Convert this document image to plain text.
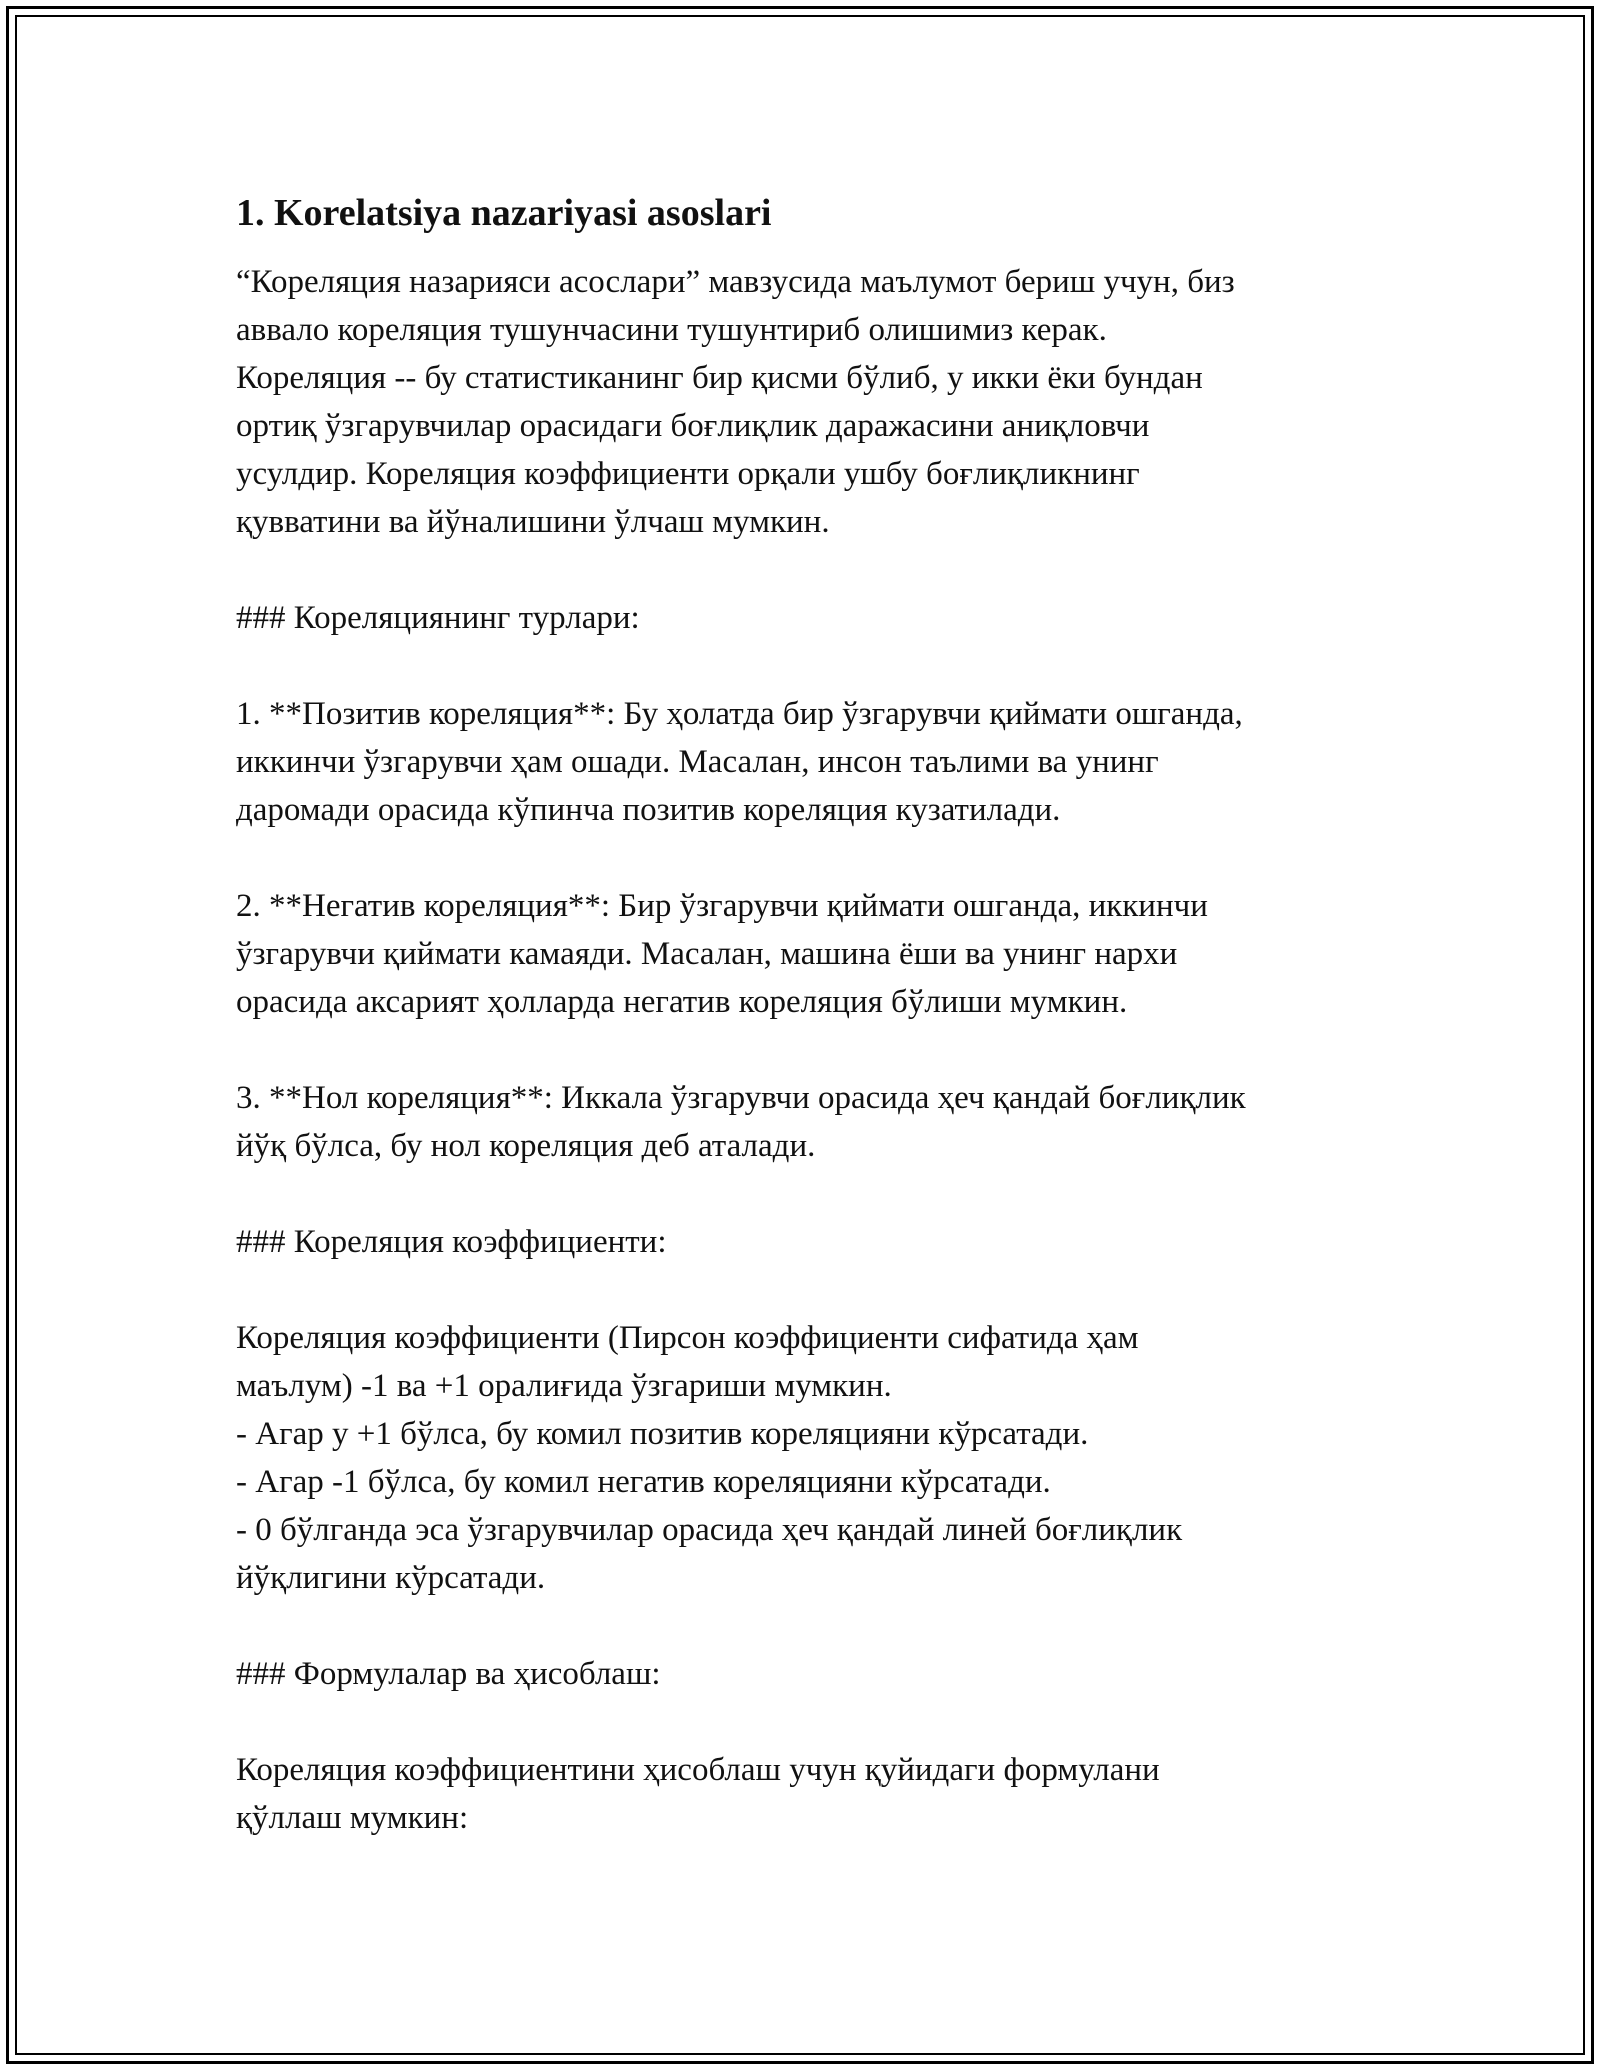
1. Korelatsiya nazariyasi asoslari

“Кореляция назарияси асослари” мавзусида маълумот бериш учун, биз
аввало кореляция тушунчасини тушунтириб олишимиз керак.
Кореляция -- бу статистиканинг бир қисми бўлиб, у икки ёки бундан
ортиқ ўзгарувчилар орасидаги боғлиқлик даражасини аниқловчи
усулдир. Кореляция коэффициенти орқали ушбу боғлиқликнинг
қувватини ва йўналишини ўлчаш мумкин.

### Кореляциянинг турлари:

1. **Позитив кореляция**: Бу ҳолатда бир ўзгарувчи қиймати ошганда,
иккинчи ўзгарувчи ҳам ошади. Масалан, инсон таълими ва унинг
даромади орасида кўпинча позитив кореляция кузатилади.

2. **Негатив кореляция**: Бир ўзгарувчи қиймати ошганда, иккинчи
ўзгарувчи қиймати камаяди. Масалан, машина ёши ва унинг нархи
орасида аксарият ҳолларда негатив кореляция бўлиши мумкин.

3. **Нол кореляция**: Иккала ўзгарувчи орасида ҳеч қандай боғлиқлик
йўқ бўлса, бу нол кореляция деб аталади.

### Кореляция коэффициенти:

Кореляция коэффициенти (Пирсон коэффициенти сифатида ҳам
маълум) -1 ва +1 оралиғида ўзгариши мумкин.
- Агар у +1 бўлса, бу комил позитив кореляцияни кўрсатади.
- Агар -1 бўлса, бу комил негатив кореляцияни кўрсатади.
- 0 бўлганда эса ўзгарувчилар орасида ҳеч қандай линей боғлиқлик
йўқлигини кўрсатади.

### Формулалар ва ҳисоблаш:

Кореляция коэффициентини ҳисоблаш учун қуйидаги формулани
қўллаш мумкин:
